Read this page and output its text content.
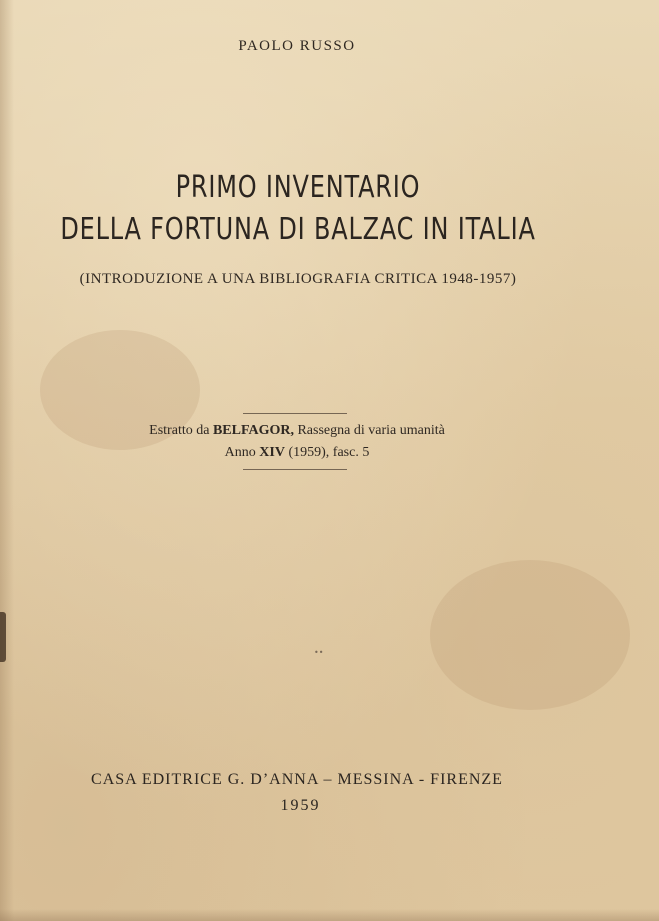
PAOLO RUSSO
PRIMO INVENTARIO
DELLA FORTUNA DI BALZAC IN ITALIA
(INTRODUZIONE A UNA BIBLIOGRAFIA CRITICA 1948-1957)
Estratto da BELFAGOR, Rassegna di varia umanità
Anno XIV (1959), fasc. 5
••
CASA EDITRICE G. D’ANNA – MESSINA - FIRENZE
1959
